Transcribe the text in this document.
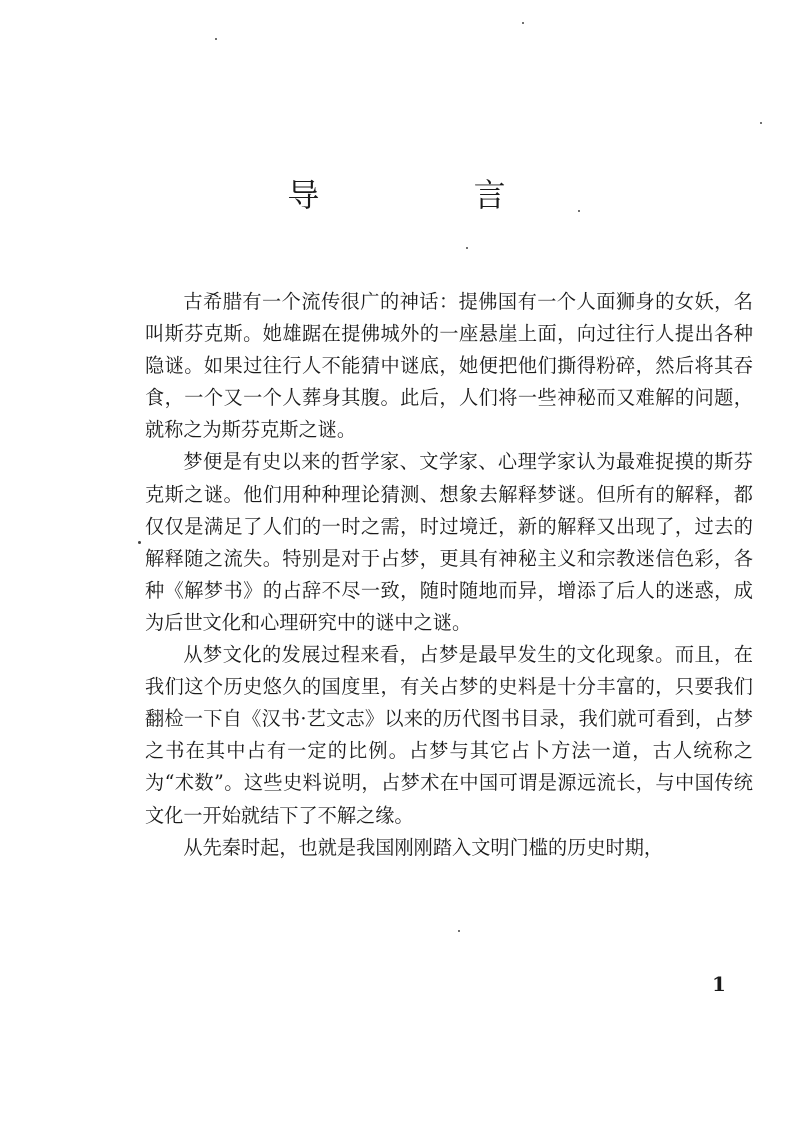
导 言

古希腊有一个流传很广的神话：提佛国有一个人面狮身的女妖，名叫斯芬克斯。她雄踞在提佛城外的一座悬崖上面，向过往行人提出各种隐谜。如果过往行人不能猜中谜底，她便把他们撕得粉碎，然后将其吞食，一个又一个人葬身其腹。此后，人们将一些神秘而又难解的问题，就称之为斯芬克斯之谜。

梦便是有史以来的哲学家、文学家、心理学家认为最难捉摸的斯芬克斯之谜。他们用种种理论猜测、想象去解释梦谜。但所有的解释，都仅仅是满足了人们的一时之需，时过境迁，新的解释又出现了，过去的解释随之流失。特别是对于占梦，更具有神秘主义和宗教迷信色彩，各种《解梦书》的占辞不尽一致，随时随地而异，增添了后人的迷惑，成为后世文化和心理研究中的谜中之谜。

从梦文化的发展过程来看，占梦是最早发生的文化现象。而且，在我们这个历史悠久的国度里，有关占梦的史料是十分丰富的，只要我们翻检一下自《汉书·艺文志》以来的历代图书目录，我们就可看到，占梦之书在其中占有一定的比例。占梦与其它占卜方法一道，古人统称之为“术数”。这些史料说明，占梦术在中国可谓是源远流长，与中国传统文化一开始就结下了不解之缘。

从先秦时起，也就是我国刚刚踏入文明门槛的历史时期，

1
